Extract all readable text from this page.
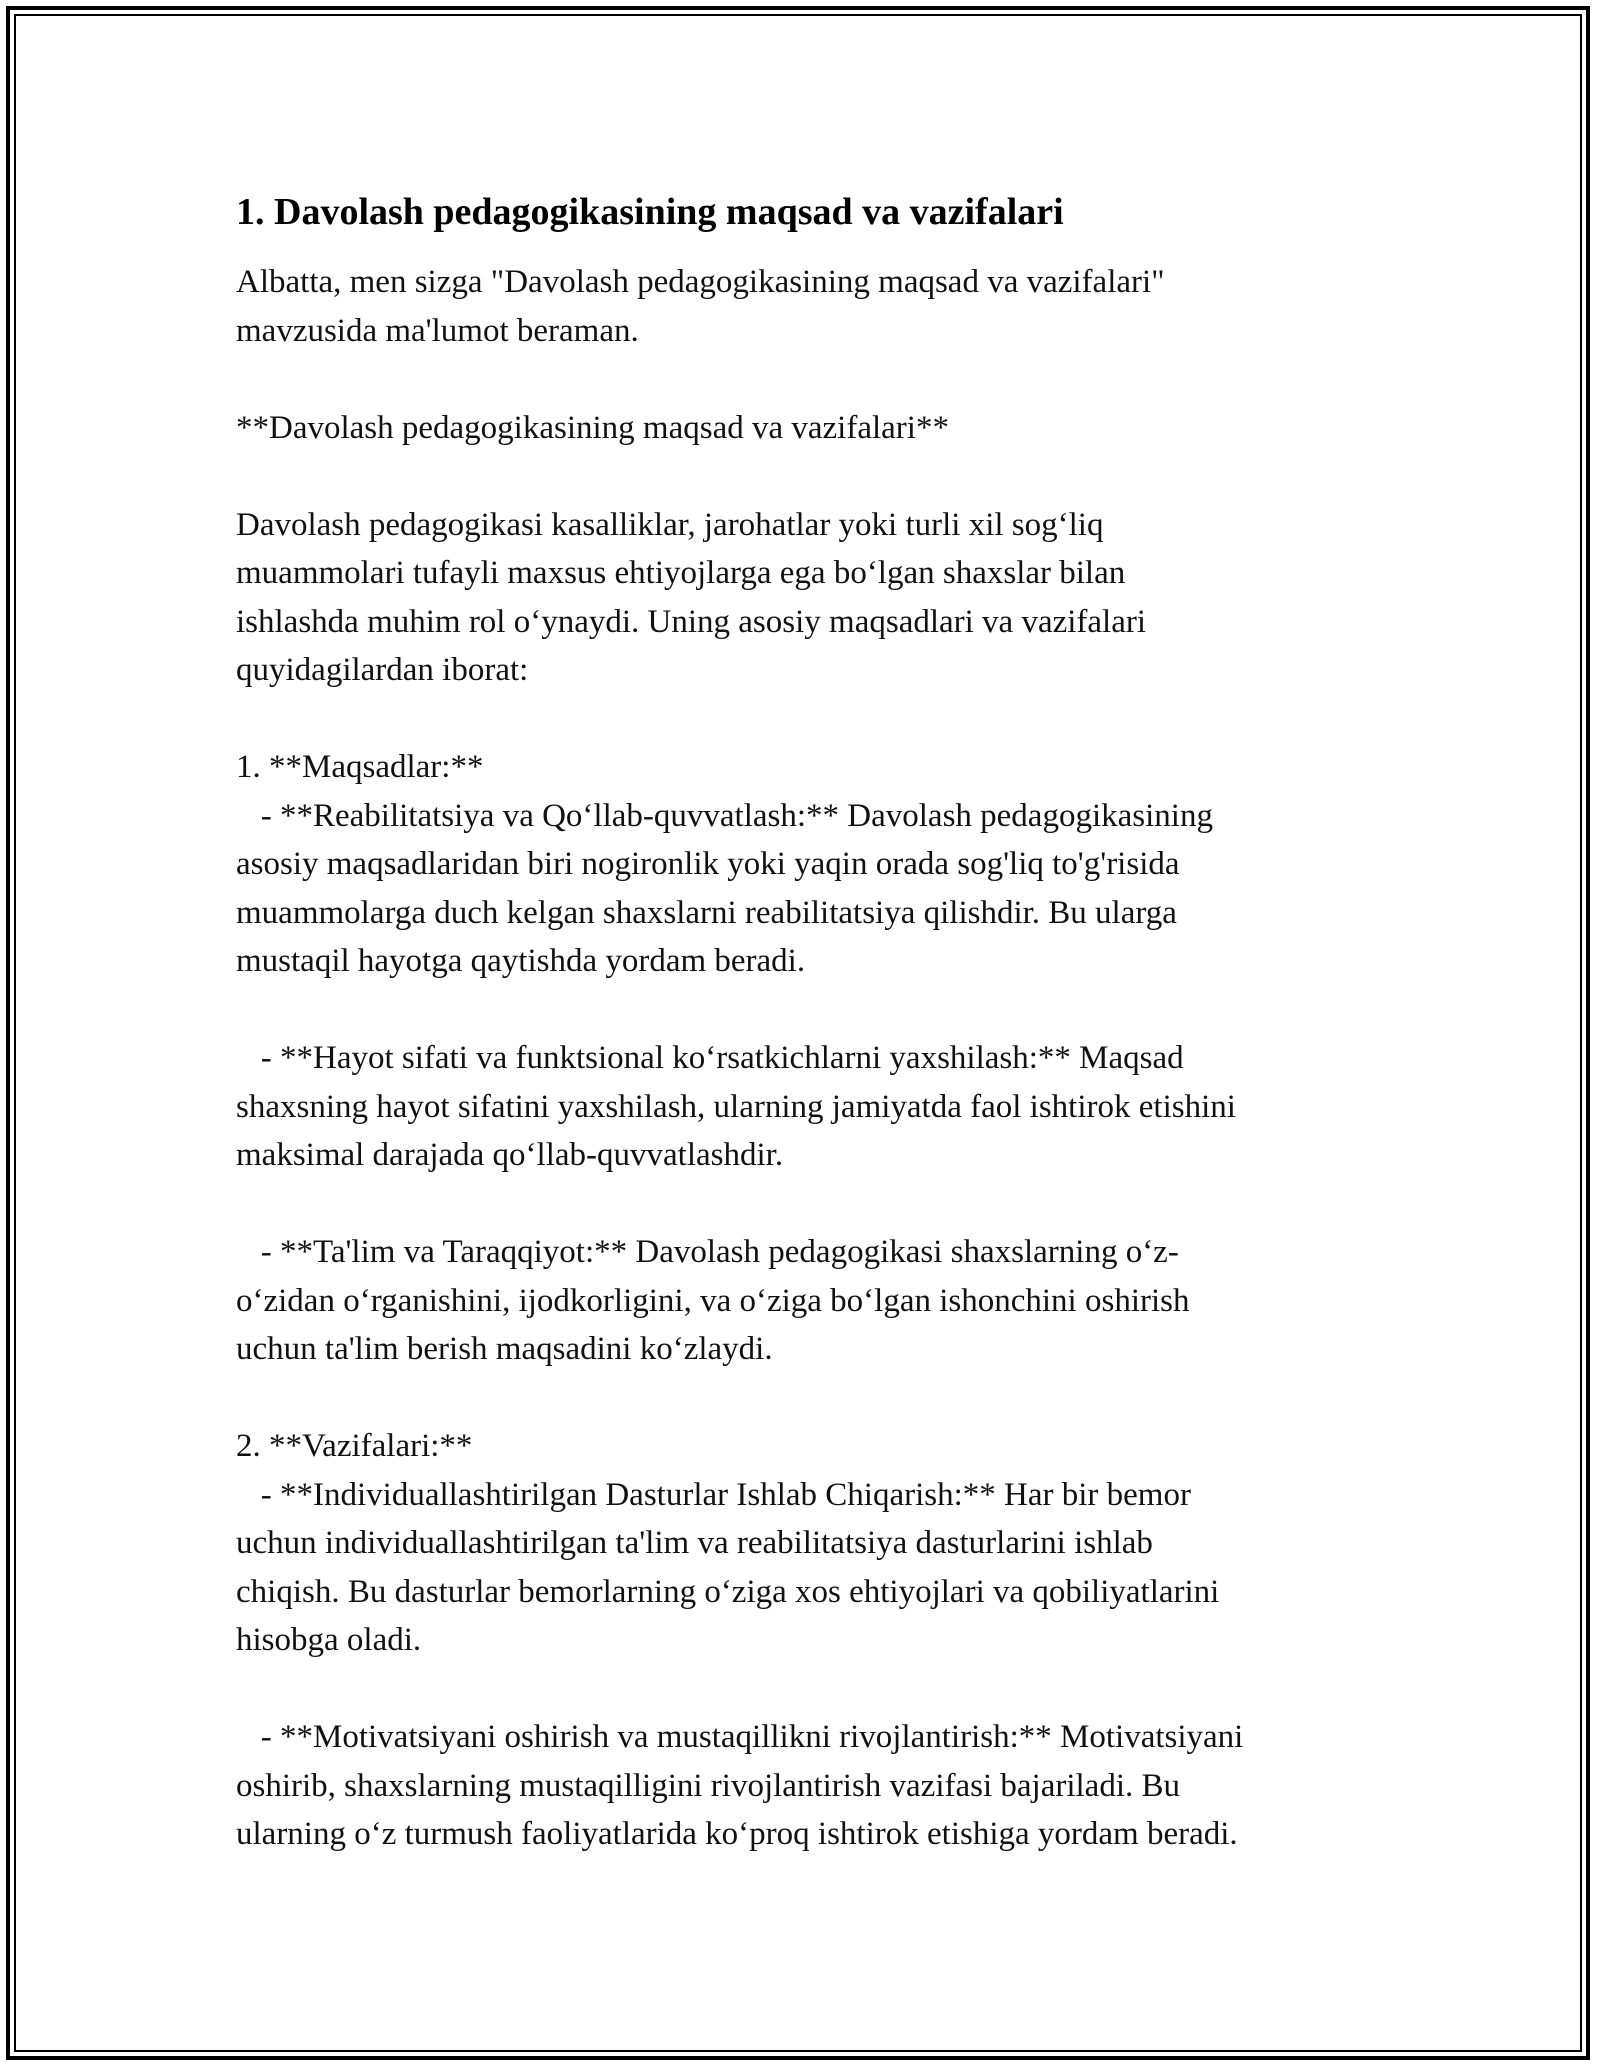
1. Davolash pedagogikasining maqsad va vazifalari

Albatta, men sizga "Davolash pedagogikasining maqsad va vazifalari"
mavzusida ma'lumot beraman.

**Davolash pedagogikasining maqsad va vazifalari**

Davolash pedagogikasi kasalliklar, jarohatlar yoki turli xil sog‘liq
muammolari tufayli maxsus ehtiyojlarga ega bo‘lgan shaxslar bilan
ishlashda muhim rol o‘ynaydi. Uning asosiy maqsadlari va vazifalari
quyidagilardan iborat:

1. **Maqsadlar:**
- **Reabilitatsiya va Qo‘llab-quvvatlash:** Davolash pedagogikasining
asosiy maqsadlaridan biri nogironlik yoki yaqin orada sog'liq to'g'risida
muammolarga duch kelgan shaxslarni reabilitatsiya qilishdir. Bu ularga
mustaqil hayotga qaytishda yordam beradi.

- **Hayot sifati va funktsional ko‘rsatkichlarni yaxshilash:** Maqsad
shaxsning hayot sifatini yaxshilash, ularning jamiyatda faol ishtirok etishini
maksimal darajada qo‘llab-quvvatlashdir.

- **Ta'lim va Taraqqiyot:** Davolash pedagogikasi shaxslarning o‘z-
o‘zidan o‘rganishini, ijodkorligini, va o‘ziga bo‘lgan ishonchini oshirish
uchun ta'lim berish maqsadini ko‘zlaydi.

2. **Vazifalari:**
- **Individuallashtirilgan Dasturlar Ishlab Chiqarish:** Har bir bemor
uchun individuallashtirilgan ta'lim va reabilitatsiya dasturlarini ishlab
chiqish. Bu dasturlar bemorlarning o‘ziga xos ehtiyojlari va qobiliyatlarini
hisobga oladi.

- **Motivatsiyani oshirish va mustaqillikni rivojlantirish:** Motivatsiyani
oshirib, shaxslarning mustaqilligini rivojlantirish vazifasi bajariladi. Bu
ularning o‘z turmush faoliyatlarida ko‘proq ishtirok etishiga yordam beradi.
